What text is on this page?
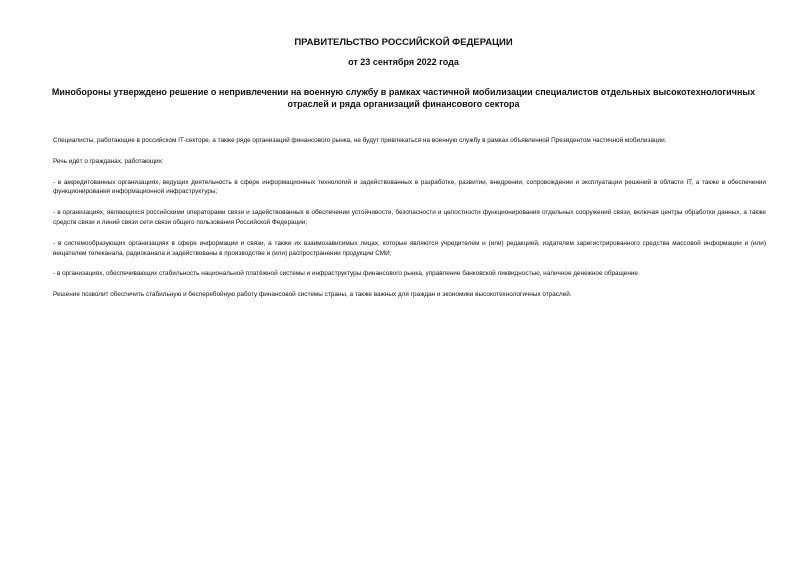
ПРАВИТЕЛЬСТВО РОССИЙСКОЙ ФЕДЕРАЦИИ
от 23 сентября 2022 года
Минобороны утверждено решение о непривлечении на военную службу в рамках частичной мобилизации специалистов отдельных высокотехнологичных отраслей и ряда организаций финансового сектора

Специалисты, работающие в российском IT-секторе, а также ряде организаций финансового рынка, не будут привлекаться на военную службу в рамках объявленной Президентом частичной мобилизации.

Речь идёт о гражданах, работающих:

- в аккредитованных организациях, ведущих деятельность в сфере информационных технологий и задействованных в разработке, развитии, внедрении, сопровождении и эксплуатации решений в области IT, а также в обеспечении функционирования информационной инфраструктуры;

- в организациях, являющихся российскими операторами связи и задействованных в обеспечении устойчивости, безопасности и целостности функционирования отдельных сооружений связи, включая центры обработки данных, а также средств связи и линий связи сети связи общего пользования Российской Федерации;

- в системообразующих организациях в сфере информации и связи, а также их взаимозависимых лицах, которые являются учредителем и (или) редакцией, издателем зарегистрированного средства массовой информации и (или) вещателем телеканала, радиоканала и задействованы в производстве и (или) распространении продукции СМИ;

- в организациях, обеспечивающих стабильность национальной платёжной системы и инфраструктуры финансового рынка, управление банковской ликвидностью, наличное денежное обращение.

Решение позволит обеспечить стабильную и бесперебойную работу финансовой системы страны, а также важных для граждан и экономики высокотехнологичных отраслей.
